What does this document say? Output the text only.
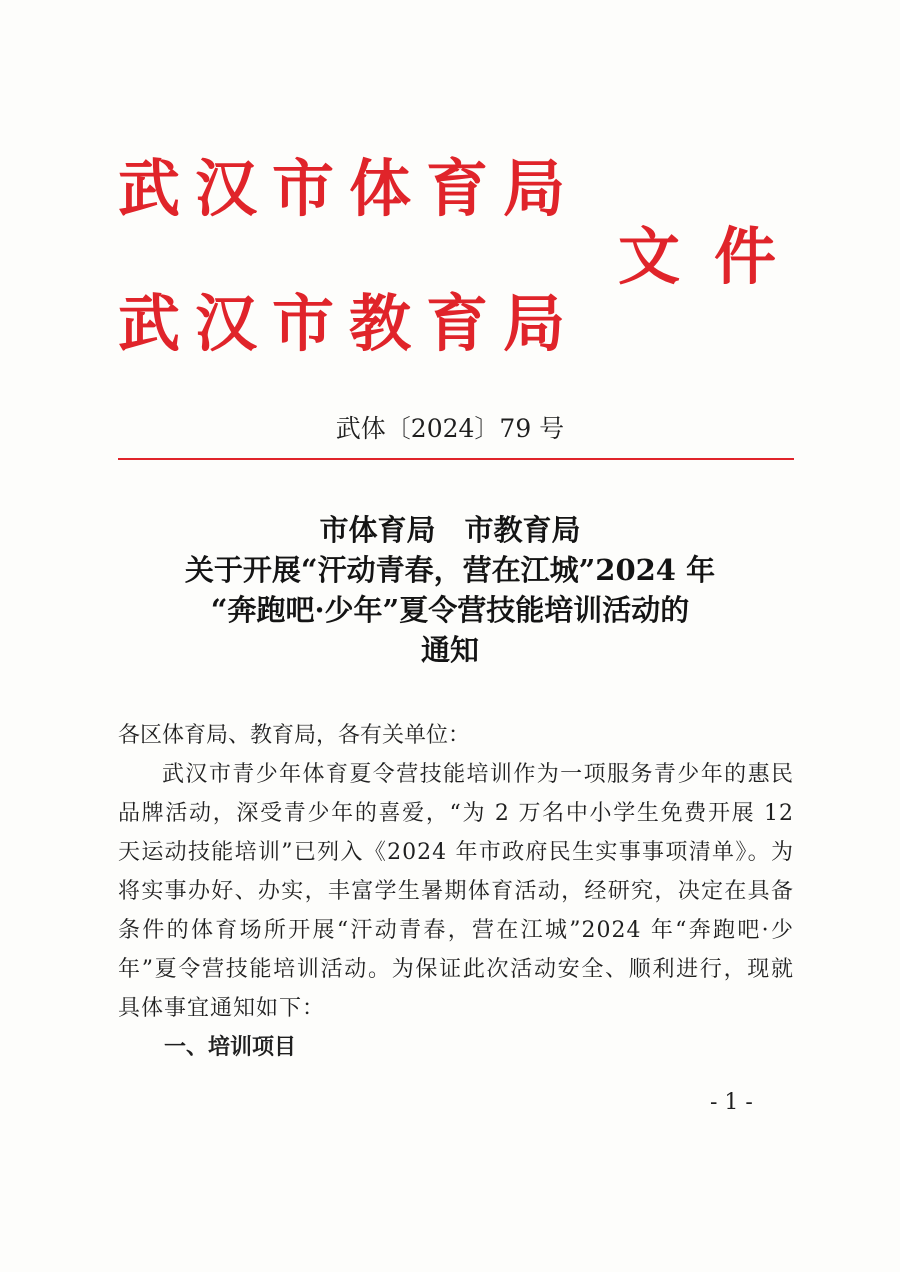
武汉市体育局
文件
武汉市教育局
武体〔2024〕79 号
市体育局　市教育局
关于开展“汗动青春，营在江城”2024 年
“奔跑吧·少年”夏令营技能培训活动的
通知

各区体育局、教育局，各有关单位：

武汉市青少年体育夏令营技能培训作为一项服务青少年的惠民品牌活动，深受青少年的喜爱，“为 2 万名中小学生免费开展 12 天运动技能培训”已列入《2024 年市政府民生实事事项清单》。为将实事办好、办实，丰富学生暑期体育活动，经研究，决定在具备条件的体育场所开展“汗动青春，营在江城”2024 年“奔跑吧·少年”夏令营技能培训活动。为保证此次活动安全、顺利进行，现就具体事宜通知如下：

一、培训项目

- 1 -
